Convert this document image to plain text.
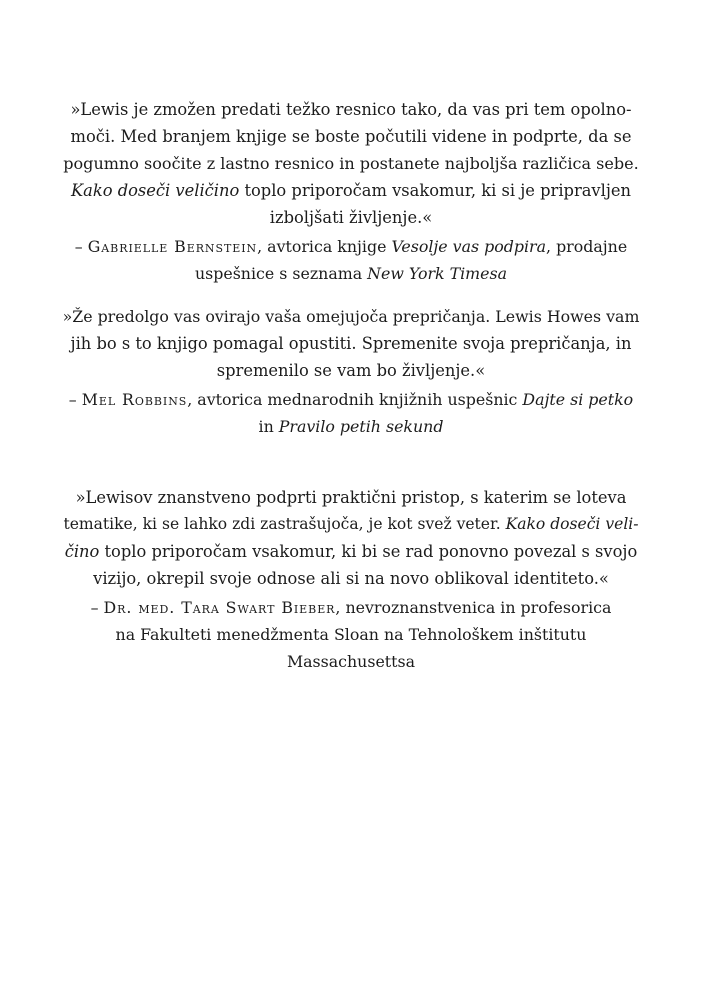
»Lewis je zmožen predati težko resnico tako, da vas pri tem opolno-
moči. Med branjem knjige se boste počutili videne in podprte, da se
pogumno soočite z lastno resnico in postanete najboljša različica sebe.
Kako doseči veličino toplo priporočam vsakomur, ki si je pripravljen
izboljšati življenje.«

– Gabrielle Bernstein, avtorica knjige Vesolje vas podpira, prodajne
uspešnice s seznama New York Timesa

»Že predolgo vas ovirajo vaša omejujoča prepričanja. Lewis Howes vam
jih bo s to knjigo pomagal opustiti. Spremenite svoja prepričanja, in
spremenilo se vam bo življenje.«

– Mel Robbins, avtorica mednarodnih knjižnih uspešnic Dajte si petko
in Pravilo petih sekund

»Lewisov znanstveno podprti praktični pristop, s katerim se loteva
tematike, ki se lahko zdi zastrašujoča, je kot svež veter. Kako doseči veli-
čino toplo priporočam vsakomur, ki bi se rad ponovno povezal s svojo
vizijo, okrepil svoje odnose ali si na novo oblikoval identiteto.«

– Dr. med. Tara Swart Bieber, nevroznanstvenica in profesorica
na Fakulteti menedžmenta Sloan na Tehnološkem inštitutu
Massachusettsa
